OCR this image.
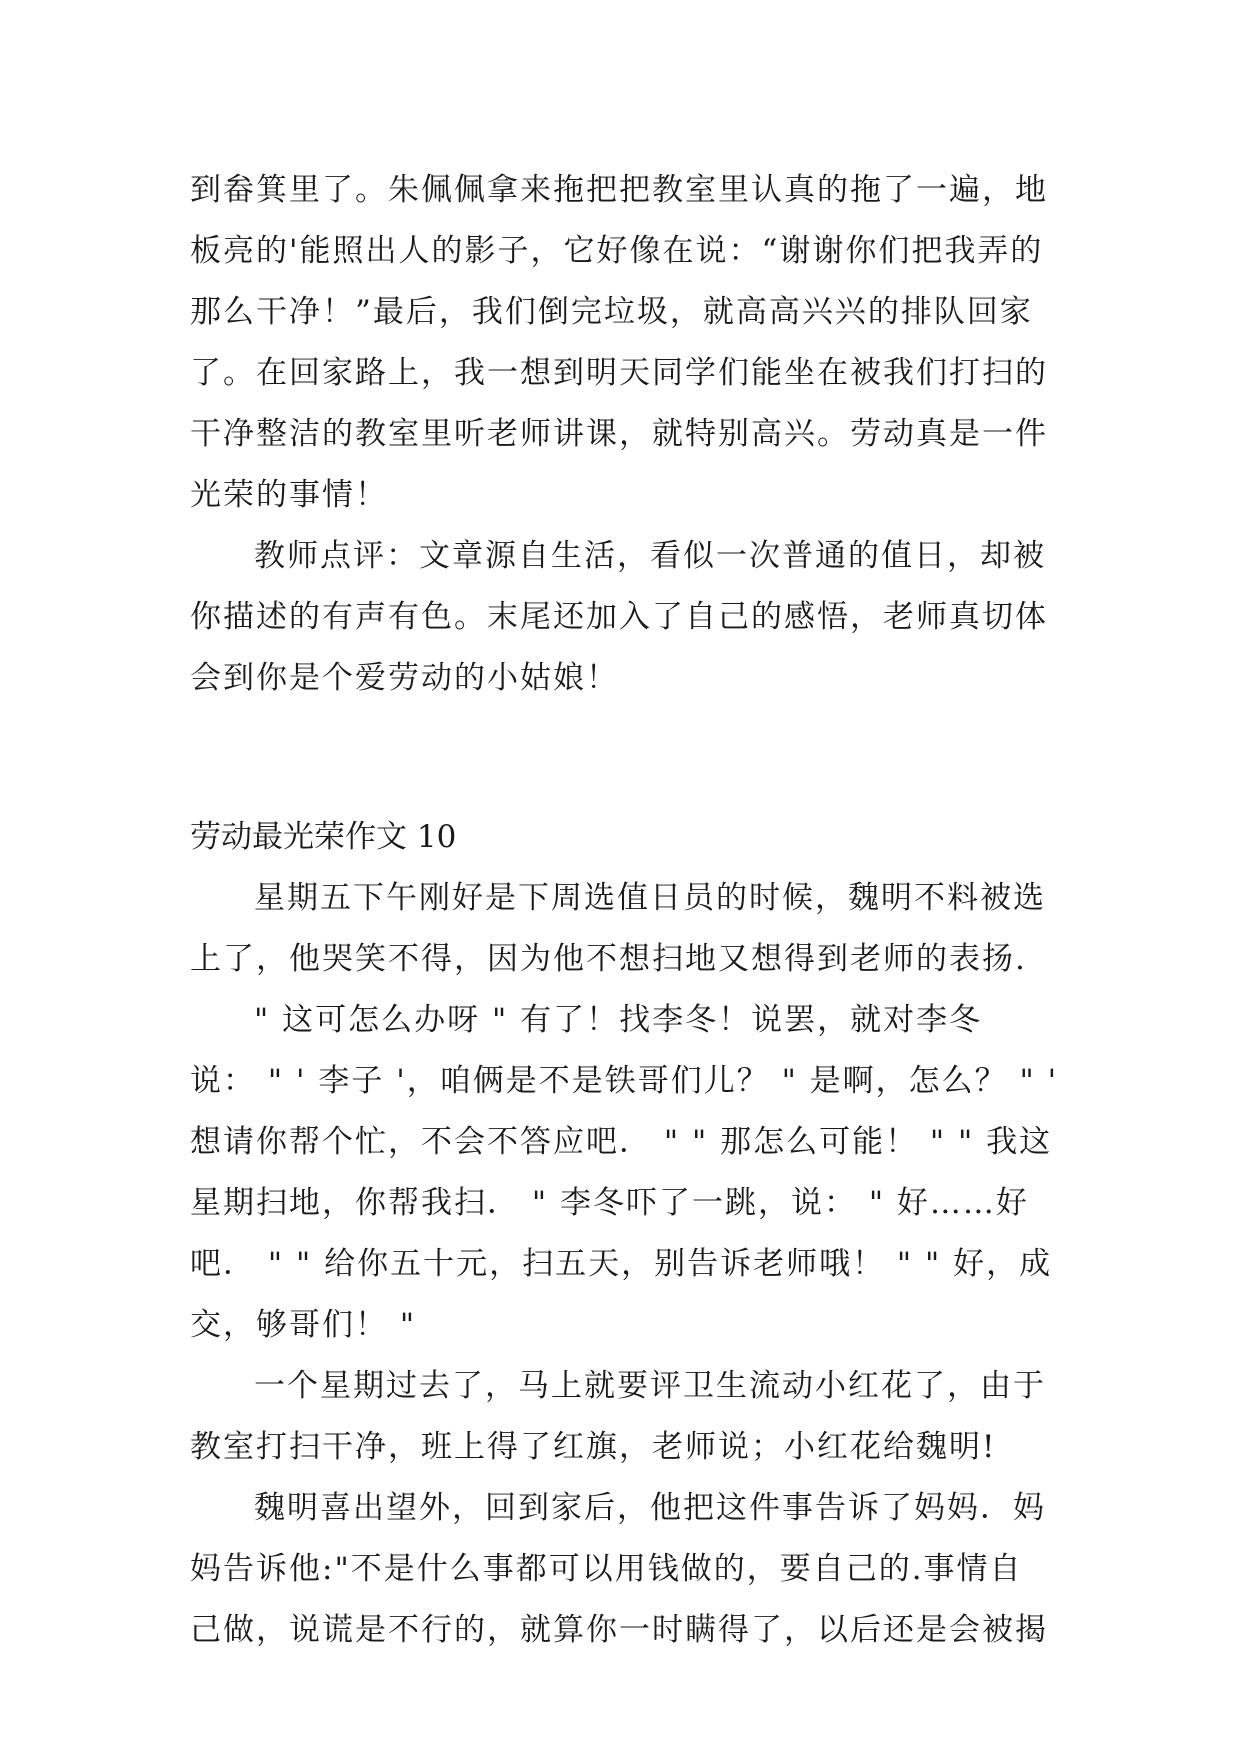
到畚箕里了。朱佩佩拿来拖把把教室里认真的拖了一遍，地
板亮的'能照出人的影子，它好像在说：“谢谢你们把我弄的
那么干净！”最后，我们倒完垃圾，就高高兴兴的排队回家
了。在回家路上，我一想到明天同学们能坐在被我们打扫的
干净整洁的教室里听老师讲课，就特别高兴。劳动真是一件
光荣的事情！
教师点评：文章源自生活，看似一次普通的值日，却被
你描述的有声有色。末尾还加入了自己的感悟，老师真切体
会到你是个爱劳动的小姑娘！
劳动最光荣作文 10
星期五下午刚好是下周选值日员的时候，魏明不料被选
上了，他哭笑不得，因为他不想扫地又想得到老师的表扬.
" 这可怎么办呀 " 有了！找李冬！说罢，就对李冬
说： " ' 李子 '，咱俩是不是铁哥们儿？ " 是啊，怎么？ " '
想请你帮个忙，不会不答应吧． " " 那怎么可能！ " " 我这
星期扫地，你帮我扫． " 李冬吓了一跳，说： " 好……好
吧． " " 给你五十元，扫五天，别告诉老师哦！ " " 好，成
交，够哥们！ "
一个星期过去了，马上就要评卫生流动小红花了，由于
教室打扫干净，班上得了红旗，老师说；小红花给魏明!
魏明喜出望外，回到家后，他把这件事告诉了妈妈．妈
妈告诉他:"不是什么事都可以用钱做的，要自己的.事情自
己做，说谎是不行的，就算你一时瞒得了，以后还是会被揭
